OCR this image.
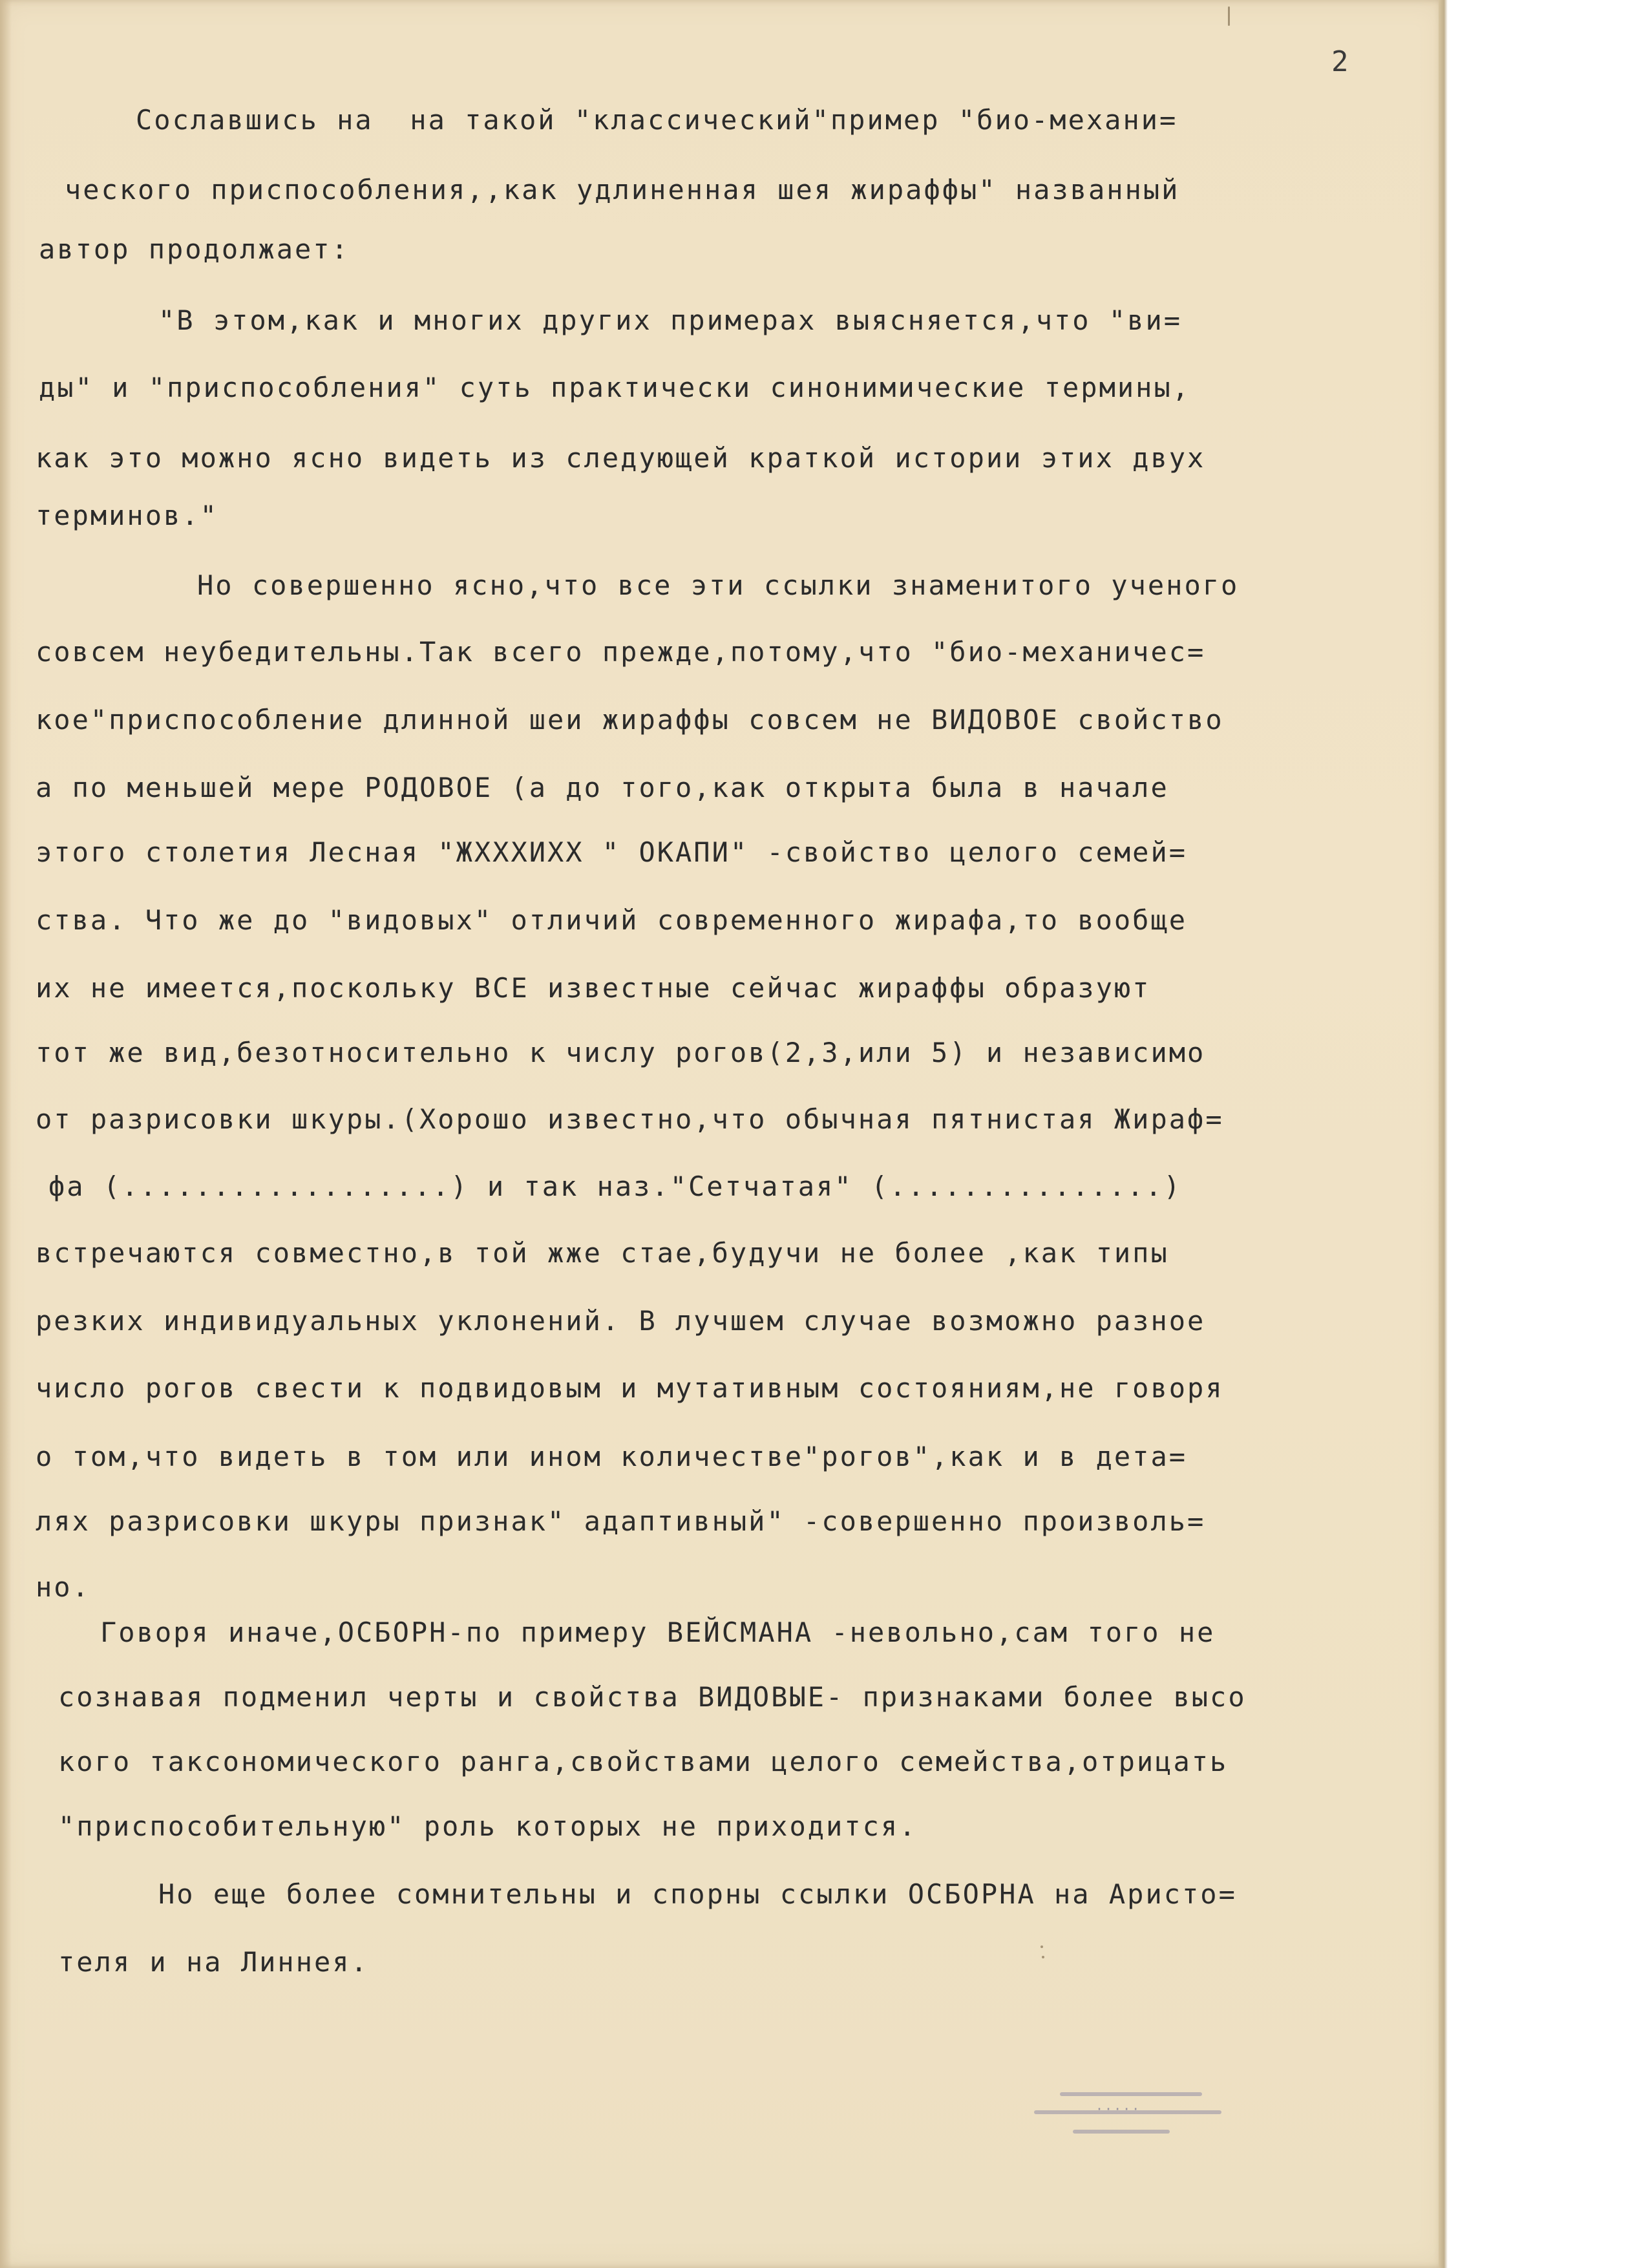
2
Сославшись на  на такой "классический"пример "био-механи=
ческого приспособления,,как удлиненная шея жираффы" названный
автор продолжает:
"В этом,как и многих других примерах выясняется,что "ви=
ды" и "приспособления" суть практически синонимические термины,
как это можно ясно видеть из следующей краткой истории этих двух
терминов."
Но совершенно ясно,что все эти ссылки знаменитого ученого
совсем неубедительны.Так всего прежде,потому,что "био-механичес=
кое"приспособление длинной шеи жираффы совсем не ВИДОВОЕ свойство
а по меньшей мере РОДОВОЕ (а до того,как открыта была в начале
этого столетия Лесная "ЖХХХИХХ " ОКАПИ" -свойство целого семей=
ства. Что же до "видовых" отличий современного жирафа,то вообще
их не имеется,поскольку ВСЕ известные сейчас жираффы образуют
тот же вид,безотносительно к числу рогов(2,3,или 5) и независимо
от разрисовки шкуры.(Хорошо известно,что обычная пятнистая Жираф=
фа (..................) и так наз."Сетчатая" (...............)
встречаются совместно,в той жже стае,будучи не более ,как типы
резких индивидуальных уклонений. В лучшем случае возможно разное
число рогов свести к подвидовым и мутативным состояниям,не говоря
о том,что видеть в том или ином количестве"рогов",как и в дета=
лях разрисовки шкуры признак" адаптивный" -совершенно произволь=
но.
Говоря иначе,ОСБОРН-по примеру ВЕЙСМАНА -невольно,сам того не
сознавая подменил черты и свойства ВИДОВЫЕ- признаками более высо
кого таксономического ранга,свойствами целого семейства,отрицать
"приспособительную" роль которых не приходится.
Но еще более сомнительны и спорны ссылки ОСБОРНА на Аристо=
теля и на Линнея.
·····
